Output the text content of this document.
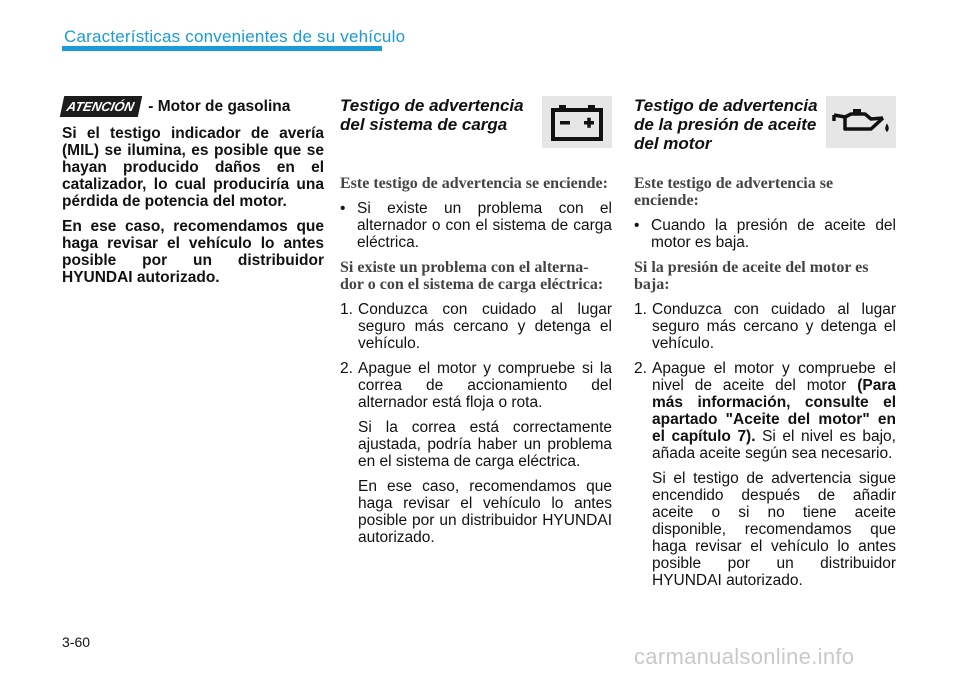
Características convenientes de su vehículo

ATENCIÓN - Motor de gasolina

Si el testigo indicador de avería (MIL) se ilumina, es posible que se hayan producido daños en el catalizador, lo cual produciría una pérdida de potencia del motor.

En ese caso, recomendamos que haga revisar el vehículo lo antes posible por un distribuidor HYUNDAI autorizado.

Testigo de advertencia del sistema de carga

Este testigo de advertencia se enciende:

• Si existe un problema con el alternador o con el sistema de carga eléctrica.

Si existe un problema con el alterna- dor o con el sistema de carga eléctrica:

1. Conduzca con cuidado al lugar seguro más cercano y detenga el vehículo.
2. Apague el motor y compruebe si la correa de accionamiento del alternador está floja o rota.

Si la correa está correctamente ajustada, podría haber un problema en el sistema de carga eléctrica.

En ese caso, recomendamos que haga revisar el vehículo lo antes posible por un distribuidor HYUNDAI autorizado.

Testigo de advertencia de la presión de aceite del motor

Este testigo de advertencia se enciende:

• Cuando la presión de aceite del motor es baja.

Si la presión de aceite del motor es baja:

1. Conduzca con cuidado al lugar seguro más cercano y detenga el vehículo.
2. Apague el motor y compruebe el nivel de aceite del motor (Para más información, consulte el apartado "Aceite del motor" en el capítulo 7). Si el nivel es bajo, añada aceite según sea necesario.

Si el testigo de advertencia sigue encendido después de añadir aceite o si no tiene aceite disponible, recomendamos que haga revisar el vehículo lo antes posible por un distribuidor HYUNDAI autorizado.

3-60
carmanualsonline.info
